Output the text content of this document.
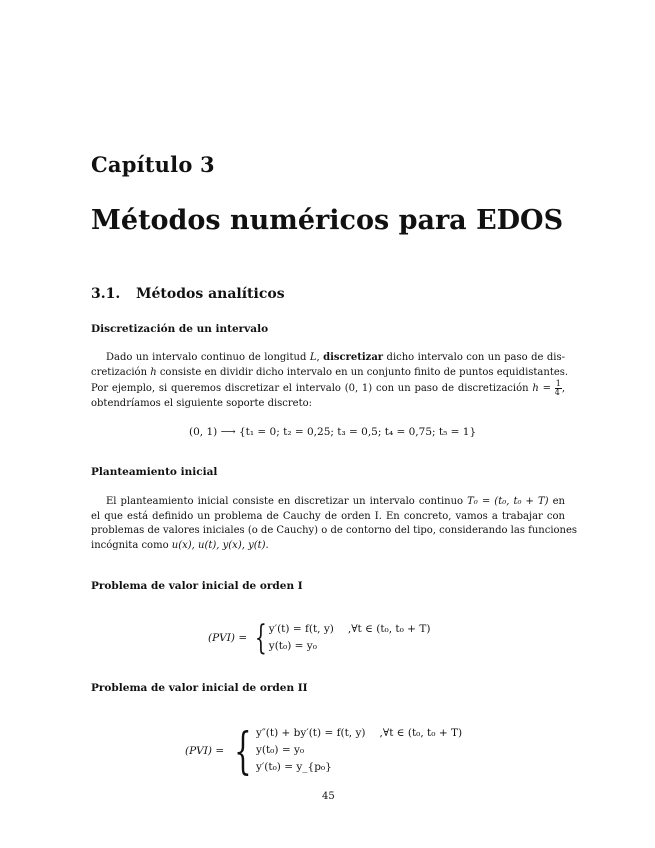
Capítulo 3
Métodos numéricos para EDOS
3.1. Métodos analíticos
Discretización de un intervalo
Dado un intervalo continuo de longitud L, discretizar dicho intervalo con un paso de dis-
cretización h consiste en dividir dicho intervalo en un conjunto finito de puntos equidistantes.
Por ejemplo, si queremos discretizar el intervalo (0, 1) con un paso de discretización $h = \frac{1}{4}$ ,
obtendríamos el siguiente soporte discreto:
(0, 1) ⟶ {t₁ = 0; t₂ = 0,25; t₃ = 0,5; t₄ = 0,75; t₅ = 1}
Planteamiento inicial
El planteamiento inicial consiste en discretizar un intervalo continuo T₀ = (t₀, t₀ + T) en
el que está definido un problema de Cauchy de orden I. En concreto, vamos a trabajar con
problemas de valores iniciales (o de Cauchy) o de contorno del tipo, considerando las funciones
incógnita como u(x), u(t), y(x), y(t).
Problema de valor inicial de orden I
(PVI) = { y′(t) = f(t, y) ,∀t ∈ (t₀, t₀ + T)
y(t₀) = y₀
Problema de valor inicial de orden II
(PVI) = { y″(t) + by′(t) = f(t, y) ,∀t ∈ (t₀, t₀ + T)
y(t₀) = y₀
y′(t₀) = y_{p₀}
45
